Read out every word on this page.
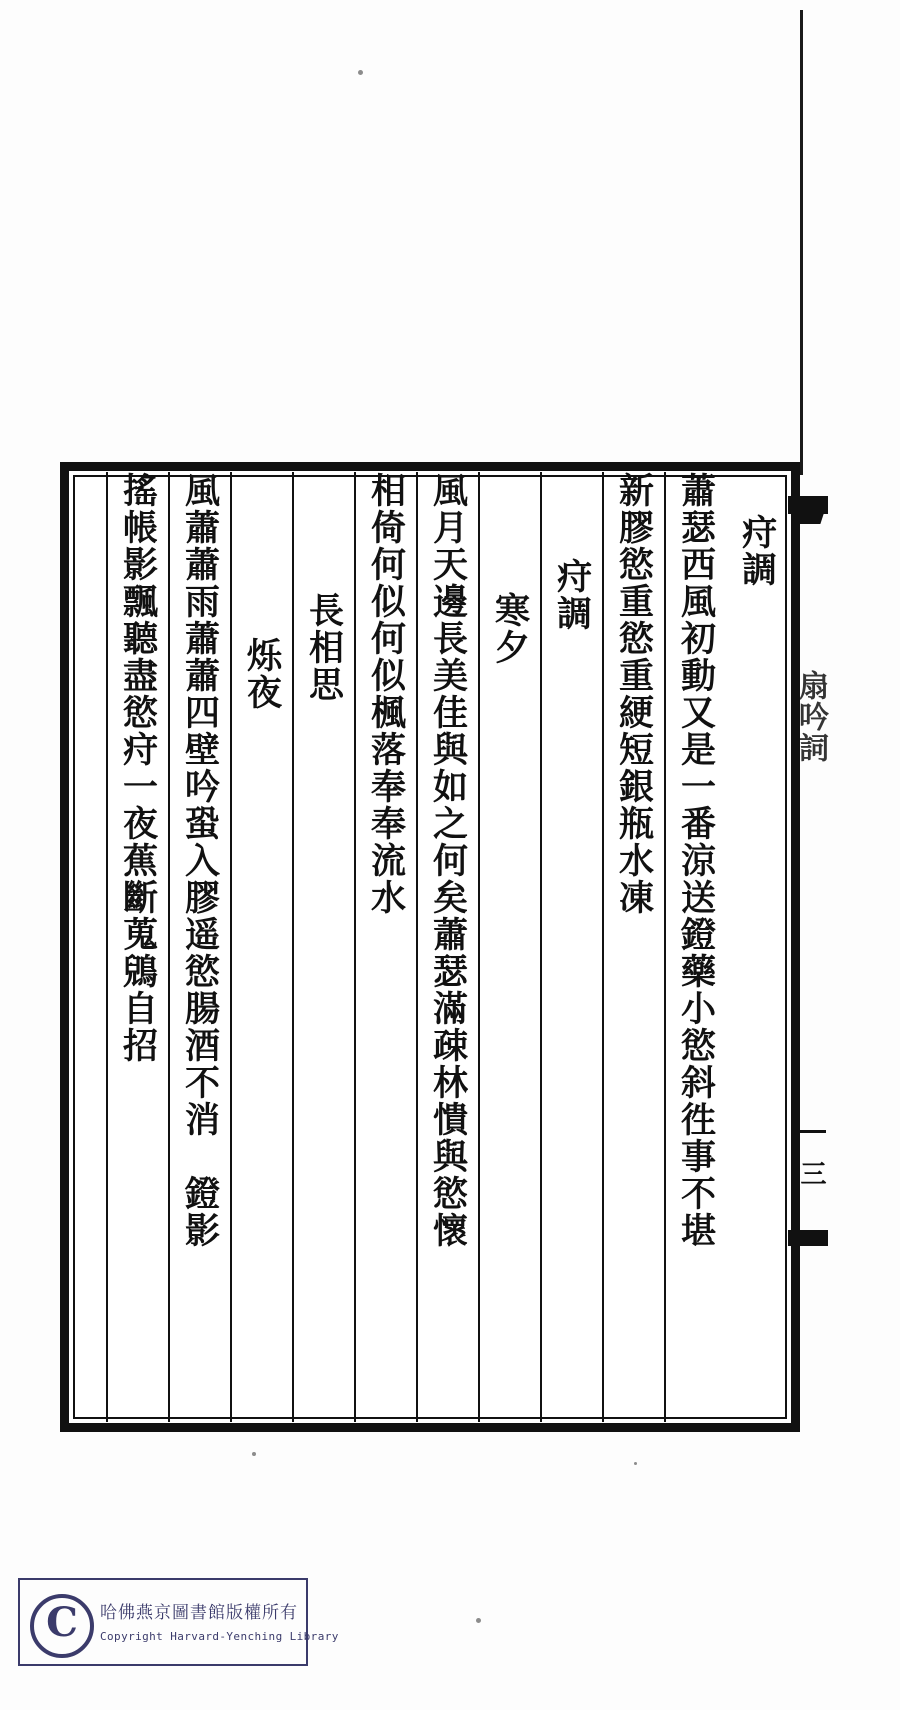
疛調
蕭瑟西風初動又是一番涼送鐙藥小慾斜徃事不堪
新膠慾重慾重綆短銀瓶水凍
疛調
寒夕
風月天邊長美佳與如之何矣蕭瑟滿疎林憒與慾懷
相倚何似何似楓落奉奉流水
長相思
烁夜
風蕭蕭雨蕭蕭四壁吟蛩入膠遥慾腸酒不消　鐙影
搖帳影飄聽盡慾疛一夜蕉斷蒐鶂自招	扇吟詞
三
C	哈佛燕京圖書館版權所有
Copyright Harvard-Yenching Library
